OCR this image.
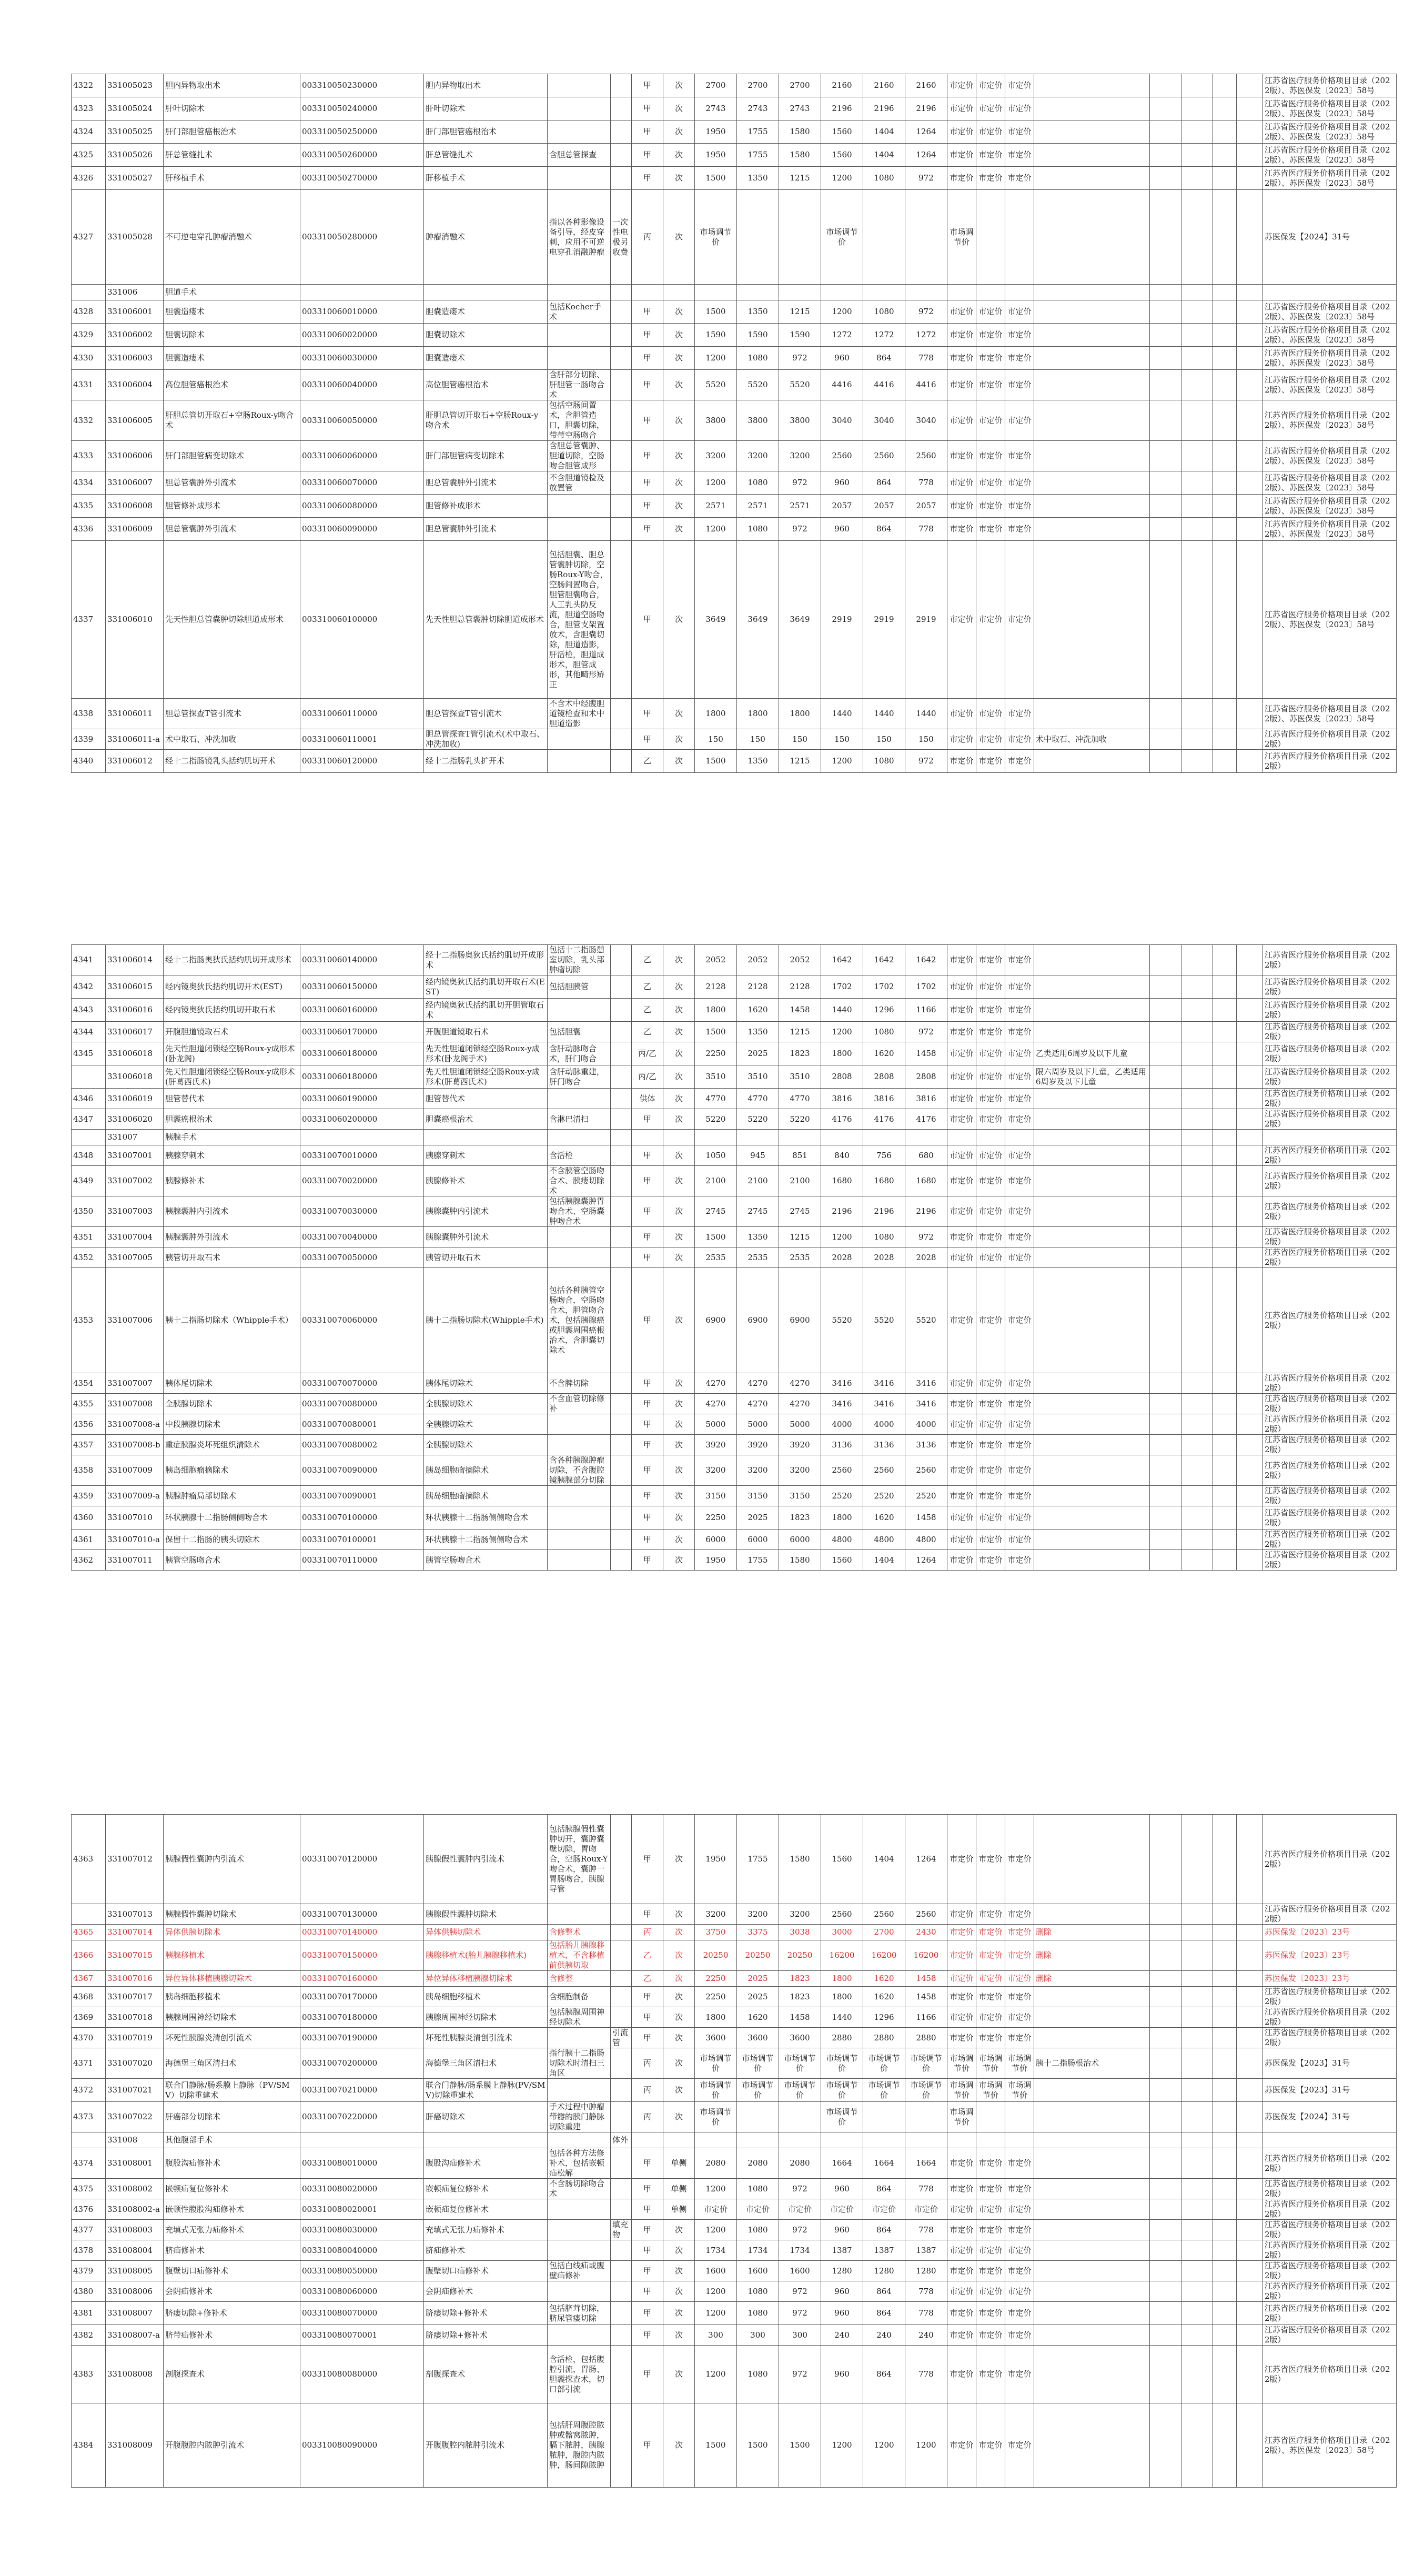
4322	331005023	胆内异物取出术	003310050230000	胆内异物取出术			甲	次	2700	2700	2700	2160	2160	2160	市定价	市定价	市定价						江苏省医疗服务价格项目目录（2022版）、苏医保发〔2023〕58号
4323	331005024	肝叶切除术	003310050240000	肝叶切除术			甲	次	2743	2743	2743	2196	2196	2196	市定价	市定价	市定价						江苏省医疗服务价格项目目录（2022版）、苏医保发〔2023〕58号
4324	331005025	肝门部胆管癌根治术	003310050250000	肝门部胆管癌根治术			甲	次	1950	1755	1580	1560	1404	1264	市定价	市定价	市定价						江苏省医疗服务价格项目目录（2022版）、苏医保发〔2023〕58号
4325	331005026	肝总管缝扎术	003310050260000	肝总管缝扎术	含胆总管探查		甲	次	1950	1755	1580	1560	1404	1264	市定价	市定价	市定价						江苏省医疗服务价格项目目录（2022版）、苏医保发〔2023〕58号
4326	331005027	肝移植手术	003310050270000	肝移植手术			甲	次	1500	1350	1215	1200	1080	972	市定价	市定价	市定价						江苏省医疗服务价格项目目录（2022版）、苏医保发〔2023〕58号
4327	331005028	不可逆电穿孔肿瘤消融术	003310050280000	肿瘤消融术	指以各种影像设备引导，经皮穿刺，应用不可逆电穿孔消融肿瘤	一次性电极另收费	丙	次	市场调节价			市场调节价			市场调节价								苏医保发【2024】31号
	331006	胆道手术																					
4328	331006001	胆囊造瘘术	003310060010000	胆囊造瘘术	包括Kocher手术		甲	次	1500	1350	1215	1200	1080	972	市定价	市定价	市定价						江苏省医疗服务价格项目目录（2022版）、苏医保发〔2023〕58号
4329	331006002	胆囊切除术	003310060020000	胆囊切除术			甲	次	1590	1590	1590	1272	1272	1272	市定价	市定价	市定价						江苏省医疗服务价格项目目录（2022版）、苏医保发〔2023〕58号
4330	331006003	胆囊造瘘术	003310060030000	胆囊造瘘术			甲	次	1200	1080	972	960	864	778	市定价	市定价	市定价						江苏省医疗服务价格项目目录（2022版）、苏医保发〔2023〕58号
4331	331006004	高位胆管癌根治术	003310060040000	高位胆管癌根治术	含肝部分切除、肝胆管一肠吻合术		甲	次	5520	5520	5520	4416	4416	4416	市定价	市定价	市定价						江苏省医疗服务价格项目目录（2022版）、苏医保发〔2023〕58号
4332	331006005	肝胆总管切开取石+空肠Roux-y吻合术	003310060050000	肝胆总管切开取石+空肠Roux-y吻合术	包括空肠间置术，含胆管造口，胆囊切除，带蒂空肠吻合		甲	次	3800	3800	3800	3040	3040	3040	市定价	市定价	市定价						江苏省医疗服务价格项目目录（2022版）、苏医保发〔2023〕58号
4333	331006006	肝门部胆管病变切除术	003310060060000	肝门部胆管病变切除术	含胆总管囊肿、胆道切除，空肠吻合胆管成形		甲	次	3200	3200	3200	2560	2560	2560	市定价	市定价	市定价						江苏省医疗服务价格项目目录（2022版）、苏医保发〔2023〕58号
4334	331006007	胆总管囊肿外引流术	003310060070000	胆总管囊肿外引流术	不含胆道镜检及放置管		甲	次	1200	1080	972	960	864	778	市定价	市定价	市定价						江苏省医疗服务价格项目目录（2022版）、苏医保发〔2023〕58号
4335	331006008	胆管修补成形术	003310060080000	胆管修补成形术			甲	次	2571	2571	2571	2057	2057	2057	市定价	市定价	市定价						江苏省医疗服务价格项目目录（2022版）、苏医保发〔2023〕58号
4336	331006009	胆总管囊肿外引流术	003310060090000	胆总管囊肿外引流术			甲	次	1200	1080	972	960	864	778	市定价	市定价	市定价						江苏省医疗服务价格项目目录（2022版）、苏医保发〔2023〕58号
4337	331006010	先天性胆总管囊肿切除胆道成形术	003310060100000	先天性胆总管囊肿切除胆道成形术	包括胆囊、胆总管囊肿切除，空肠Roux-Y吻合，空肠间置吻合，胆管胆囊吻合，人工乳头防反流，胆道空肠吻合，胆管支架置放术，含胆囊切除，胆道造影，肝活检，胆道成形术，胆管成形，其他畸形矫正		甲	次	3649	3649	3649	2919	2919	2919	市定价	市定价	市定价						江苏省医疗服务价格项目目录（2022版）、苏医保发〔2023〕58号
4338	331006011	胆总管探查T管引流术	003310060110000	胆总管探查T管引流术	不含术中经腹胆道镜检查和术中胆道造影		甲	次	1800	1800	1800	1440	1440	1440	市定价	市定价	市定价						江苏省医疗服务价格项目目录（2022版）、苏医保发〔2023〕58号
4339	331006011-a	术中取石、冲洗加收	003310060110001	胆总管探查T管引流术(术中取石、冲洗加收)			甲	次	150	150	150	150	150	150	市定价	市定价	市定价	术中取石、冲洗加收					江苏省医疗服务价格项目目录（2022版）
4340	331006012	经十二指肠镜乳头括约肌切开术	003310060120000	经十二指肠乳头扩开术			乙	次	1500	1350	1215	1200	1080	972	市定价	市定价	市定价						江苏省医疗服务价格项目目录（2022版）
4341	331006014	经十二指肠奥狄氏括约肌切开成形术	003310060140000	经十二指肠奥狄氏括约肌切开成形术	包括十二指肠憩室切除，乳头部肿瘤切除		乙	次	2052	2052	2052	1642	1642	1642	市定价	市定价	市定价						江苏省医疗服务价格项目目录（2022版）
4342	331006015	经内镜奥狄氏括约肌切开术(EST)	003310060150000	经内镜奥狄氏括约肌切开取石术(EST)	包括胆胰管		乙	次	2128	2128	2128	1702	1702	1702	市定价	市定价	市定价						江苏省医疗服务价格项目目录（2022版）
4343	331006016	经内镜奥狄氏括约肌切开取石术	003310060160000	经内镜奥狄氏括约肌切开胆管取石术			乙	次	1800	1620	1458	1440	1296	1166	市定价	市定价	市定价						江苏省医疗服务价格项目目录（2022版）
4344	331006017	开腹胆道镜取石术	003310060170000	开腹胆道镜取石术	包括胆囊		乙	次	1500	1350	1215	1200	1080	972	市定价	市定价	市定价						江苏省医疗服务价格项目目录（2022版）
4345	331006018	先天性胆道闭锁经空肠Roux-y成形术(卧龙阁)	003310060180000	先天性胆道闭锁经空肠Roux-y成形术(卧龙阁手术)	含肝动脉吻合术，肝门吻合		丙/乙	次	2250	2025	1823	1800	1620	1458	市定价	市定价	市定价	乙类适用6周岁及以下儿童					江苏省医疗服务价格项目目录（2022版）
	331006018	先天性胆道闭锁经空肠Roux-y成形术(肝葛西氏术)	003310060180000	先天性胆道闭锁经空肠Roux-y成形术(肝葛西氏术)	含肝动脉重建，肝门吻合		丙/乙	次	3510	3510	3510	2808	2808	2808	市定价	市定价	市定价	限六周岁及以下儿童，乙类适用6周岁及以下儿童					江苏省医疗服务价格项目目录（2022版）
4346	331006019	胆管替代术	003310060190000	胆管替代术			供体	次	4770	4770	4770	3816	3816	3816	市定价	市定价	市定价						江苏省医疗服务价格项目目录（2022版）
4347	331006020	胆囊癌根治术	003310060200000	胆囊癌根治术	含淋巴清扫		甲	次	5220	5220	5220	4176	4176	4176	市定价	市定价	市定价						江苏省医疗服务价格项目目录（2022版）
	331007	胰腺手术																					
4348	331007001	胰腺穿刺术	003310070010000	胰腺穿刺术	含活检		甲	次	1050	945	851	840	756	680	市定价	市定价	市定价						江苏省医疗服务价格项目目录（2022版）
4349	331007002	胰腺修补术	003310070020000	胰腺修补术	不含胰管空肠吻合术、胰瘘切除术		甲	次	2100	2100	2100	1680	1680	1680	市定价	市定价	市定价						江苏省医疗服务价格项目目录（2022版）
4350	331007003	胰腺囊肿内引流术	003310070030000	胰腺囊肿内引流术	包括胰腺囊肿胃吻合术、空肠囊肿吻合术		甲	次	2745	2745	2745	2196	2196	2196	市定价	市定价	市定价						江苏省医疗服务价格项目目录（2022版）
4351	331007004	胰腺囊肿外引流术	003310070040000	胰腺囊肿外引流术			甲	次	1500	1350	1215	1200	1080	972	市定价	市定价	市定价						江苏省医疗服务价格项目目录（2022版）
4352	331007005	胰管切开取石术	003310070050000	胰管切开取石术			甲	次	2535	2535	2535	2028	2028	2028	市定价	市定价	市定价						江苏省医疗服务价格项目目录（2022版）
4353	331007006	胰十二指肠切除术（Whipple手术）	003310070060000	胰十二指肠切除术(Whipple手术)	包括各种胰管空肠吻合，空肠吻合术，胆管吻合术，包括胰腺癌或胆囊周围癌根治术，含胆囊切除术		甲	次	6900	6900	6900	5520	5520	5520	市定价	市定价	市定价						江苏省医疗服务价格项目目录（2022版）
4354	331007007	胰体尾切除术	003310070070000	胰体尾切除术	不含脾切除		甲	次	4270	4270	4270	3416	3416	3416	市定价	市定价	市定价						江苏省医疗服务价格项目目录（2022版）
4355	331007008	全胰腺切除术	003310070080000	全胰腺切除术	不含血管切除修补		甲	次	4270	4270	4270	3416	3416	3416	市定价	市定价	市定价						江苏省医疗服务价格项目目录（2022版）
4356	331007008-a	中段胰腺切除术	003310070080001	全胰腺切除术			甲	次	5000	5000	5000	4000	4000	4000	市定价	市定价	市定价						江苏省医疗服务价格项目目录（2022版）
4357	331007008-b	重症胰腺炎坏死组织清除术	003310070080002	全胰腺切除术			甲	次	3920	3920	3920	3136	3136	3136	市定价	市定价	市定价						江苏省医疗服务价格项目目录（2022版）
4358	331007009	胰岛细胞瘤摘除术	003310070090000	胰岛细胞瘤摘除术	含各种胰腺肿瘤切除，不含腹腔镜胰腺部分切除		甲	次	3200	3200	3200	2560	2560	2560	市定价	市定价	市定价						江苏省医疗服务价格项目目录（2022版）
4359	331007009-a	胰腺肿瘤局部切除术	003310070090001	胰岛细胞瘤摘除术			甲	次	3150	3150	3150	2520	2520	2520	市定价	市定价	市定价						江苏省医疗服务价格项目目录（2022版）
4360	331007010	环状胰腺十二指肠侧侧吻合术	003310070100000	环状胰腺十二指肠侧侧吻合术			甲	次	2250	2025	1823	1800	1620	1458	市定价	市定价	市定价						江苏省医疗服务价格项目目录（2022版）
4361	331007010-a	保留十二指肠的胰头切除术	003310070100001	环状胰腺十二指肠侧侧吻合术			甲	次	6000	6000	6000	4800	4800	4800	市定价	市定价	市定价						江苏省医疗服务价格项目目录（2022版）
4362	331007011	胰管空肠吻合术	003310070110000	胰管空肠吻合术			甲	次	1950	1755	1580	1560	1404	1264	市定价	市定价	市定价						江苏省医疗服务价格项目目录（2022版）
4363	331007012	胰腺假性囊肿内引流术	003310070120000	胰腺假性囊肿内引流术	包括胰腺假性囊肿切开，囊肿囊壁切除，胃吻合，空肠Roux-Y吻合术，囊肿一胃肠吻合，胰腺导管		甲	次	1950	1755	1580	1560	1404	1264	市定价	市定价	市定价						江苏省医疗服务价格项目目录（2022版）
	331007013	胰腺假性囊肿切除术	003310070130000	胰腺假性囊肿切除术			甲	次	3200	3200	3200	2560	2560	2560	市定价	市定价	市定价						江苏省医疗服务价格项目目录（2022版）
4365	331007014	异体供胰切除术	003310070140000	异体供胰切除术	含修整术		丙	次	3750	3375	3038	3000	2700	2430	市定价	市定价	市定价	删除					苏医保发〔2023〕23号
4366	331007015	胰腺移植术	003310070150000	胰腺移植术(胎儿胰腺移植术)	包括胎儿胰腺移植术，不含移植前供胰切取		乙	次	20250	20250	20250	16200	16200	16200	市定价	市定价	市定价	删除					苏医保发〔2023〕23号
4367	331007016	异位异体移植胰腺切除术	003310070160000	异位异体移植胰腺切除术	含修整		乙	次	2250	2025	1823	1800	1620	1458	市定价	市定价	市定价	删除					苏医保发〔2023〕23号
4368	331007017	胰岛细胞移植术	003310070170000	胰岛细胞移植术	含细胞制备		甲	次	2250	2025	1823	1800	1620	1458	市定价	市定价	市定价						江苏省医疗服务价格项目目录（2022版）
4369	331007018	胰腺周围神经切除术	003310070180000	胰腺周围神经切除术	包括胰腺周围神经切除术		甲	次	1800	1620	1458	1440	1296	1166	市定价	市定价	市定价						江苏省医疗服务价格项目目录（2022版）
4370	331007019	坏死性胰腺炎清创引流术	003310070190000	坏死性胰腺炎清创引流术		引流管	甲	次	3600	3600	3600	2880	2880	2880	市定价	市定价	市定价						江苏省医疗服务价格项目目录（2022版）
4371	331007020	海德堡三角区清扫术	003310070200000	海德堡三角区清扫术	指行胰十二指肠切除术时清扫三角区		丙	次	市场调节价	市场调节价	市场调节价	市场调节价	市场调节价	市场调节价	市场调节价	市场调节价	市场调节价	胰十二指肠根治术					苏医保发【2023】31号
4372	331007021	联合门静脉/肠系膜上静脉（PV/SMV）切除重建术	003310070210000	联合门静脉/肠系膜上静脉(PV/SMV)切除重建术			丙	次	市场调节价	市场调节价	市场调节价	市场调节价	市场调节价	市场调节价	市场调节价	市场调节价	市场调节价						苏医保发【2023】31号
4373	331007022	肝癌部分切除术	003310070220000	肝癌切除术	手术过程中肿瘤带瓣的胰门静脉切除重建		丙	次	市场调节价			市场调节价			市场调节价								苏医保发【2024】31号
	331008	其他腹部手术				体外																	
4374	331008001	腹股沟疝修补术	003310080010000	腹股沟疝修补术	包括各种方法修补术，包括嵌顿疝松解		甲	单侧	2080	2080	2080	1664	1664	1664	市定价	市定价	市定价						江苏省医疗服务价格项目目录（2022版）
4375	331008002	嵌顿疝复位修补术	003310080020000	嵌顿疝复位修补术	不含肠切除吻合术		甲	单侧	1200	1080	972	960	864	778	市定价	市定价	市定价						江苏省医疗服务价格项目目录（2022版）
4376	331008002-a	嵌顿性腹股沟疝修补术	003310080020001	嵌顿疝复位修补术			甲	单侧	市定价	市定价	市定价	市定价	市定价	市定价	市定价	市定价	市定价						江苏省医疗服务价格项目目录（2022版）
4377	331008003	充填式无张力疝修补术	003310080030000	充填式无张力疝修补术		填充物	甲	次	1200	1080	972	960	864	778	市定价	市定价	市定价						江苏省医疗服务价格项目目录（2022版）
4378	331008004	脐疝修补术	003310080040000	脐疝修补术			甲	次	1734	1734	1734	1387	1387	1387	市定价	市定价	市定价						江苏省医疗服务价格项目目录（2022版）
4379	331008005	腹壁切口疝修补术	003310080050000	腹壁切口疝修补术	包括白线疝或腹壁疝修补		甲	次	1600	1600	1600	1280	1280	1280	市定价	市定价	市定价						江苏省医疗服务价格项目目录（2022版）
4380	331008006	会阴疝修补术	003310080060000	会阴疝修补术			甲	次	1200	1080	972	960	864	778	市定价	市定价	市定价						江苏省医疗服务价格项目目录（2022版）
4381	331008007	脐瘘切除+修补术	003310080070000	脐瘘切除+修补术	包括脐茸切除，脐尿管瘘切除		甲	次	1200	1080	972	960	864	778	市定价	市定价	市定价						江苏省医疗服务价格项目目录（2022版）
4382	331008007-a	脐带疝修补术	003310080070001	脐瘘切除+修补术			甲	次	300	300	300	240	240	240	市定价	市定价	市定价						江苏省医疗服务价格项目目录（2022版）
4383	331008008	剖腹探查术	003310080080000	剖腹探查术	含活检，包括腹腔引流，胃肠、胆囊探查术，切口部引流		甲	次	1200	1080	972	960	864	778	市定价	市定价	市定价						江苏省医疗服务价格项目目录（2022版）
4384	331008009	开腹腹腔内脓肿引流术	003310080090000	开腹腹腔内脓肿引流术	包括肝周腹腔脓肿或髂窝脓肿，膈下脓肿，胰腺脓肿，腹腔内脓肿，肠间隙脓肿		甲	次	1500	1500	1500	1200	1200	1200	市定价	市定价	市定价						江苏省医疗服务价格项目目录（2022版）、苏医保发〔2023〕58号
